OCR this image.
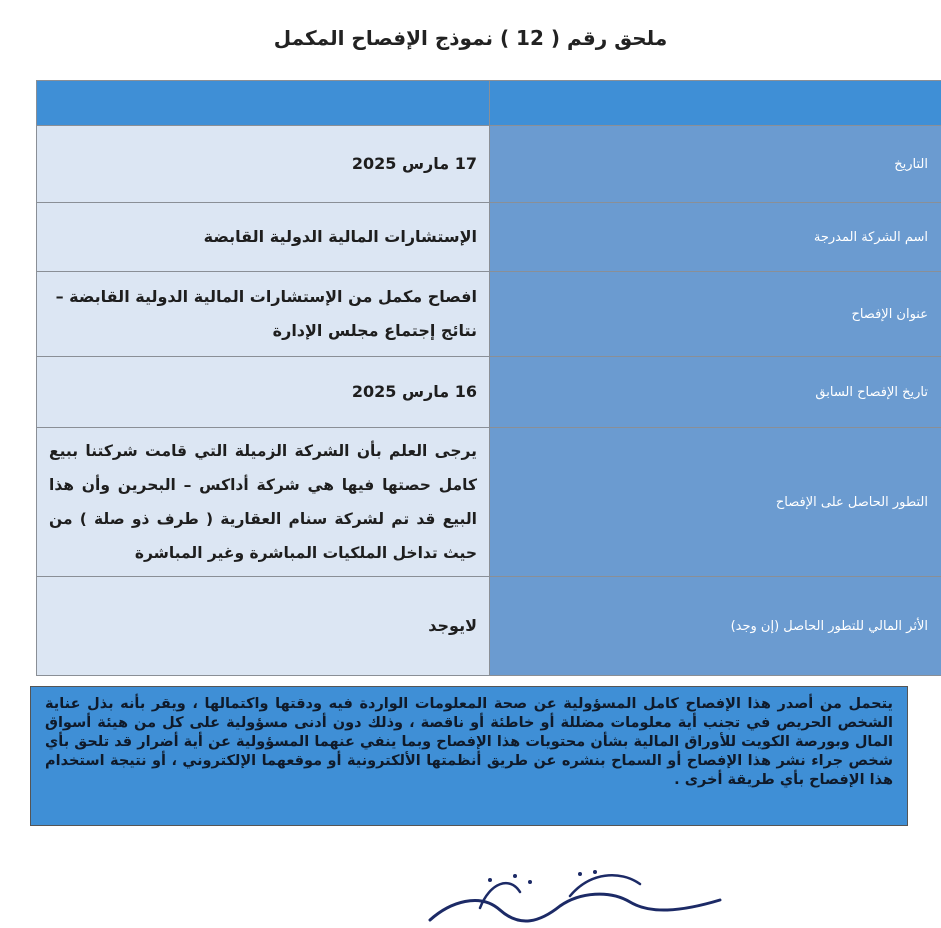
ملحق رقم ( 12 ) نموذج الإفصاح المكمل

التاريخ	17 مارس 2025
اسم الشركة المدرجة	الإستشارات المالية الدولية القابضة
عنوان الإفصاح	افصاح مكمل من الإستشارات المالية الدولية القابضة – نتائج إجتماع مجلس الإدارة
تاريخ الإفصاح السابق	16 مارس 2025
التطور الحاصل على الإفصاح	يرجى العلم بأن الشركة الزميلة التي قامت شركتنا ببيع كامل حصتها فيها هي شركة أداكس – البحرين وأن هذا البيع قد تم لشركة سنام العقارية ( طرف ذو صلة ) من حيث تداخل الملكيات المباشرة وغير المباشرة
الأثر المالي للتطور الحاصل (إن وجد)	لايوجد
يتحمل من أصدر هذا الإفصاح كامل المسؤولية عن صحة المعلومات الواردة فيه ودقتها واكتمالها ، ويقر بأنه بذل عناية الشخص الحريص في تجنب أية معلومات مضللة أو خاطئة أو ناقصة ، وذلك دون أدنى مسؤولية على كل من هيئة أسواق المال وبورصة الكويت للأوراق المالية بشأن محتويات هذا الإفصاح وبما ينفي عنهما المسؤولية عن أية أضرار قد تلحق بأي شخص جراء نشر هذا الإفصاح أو السماح بنشره عن طريق أنظمتها الألكترونية أو موقعهما الإلكتروني ، أو نتيجة استخدام هذا الإفصاح بأي طريقة أخرى .
